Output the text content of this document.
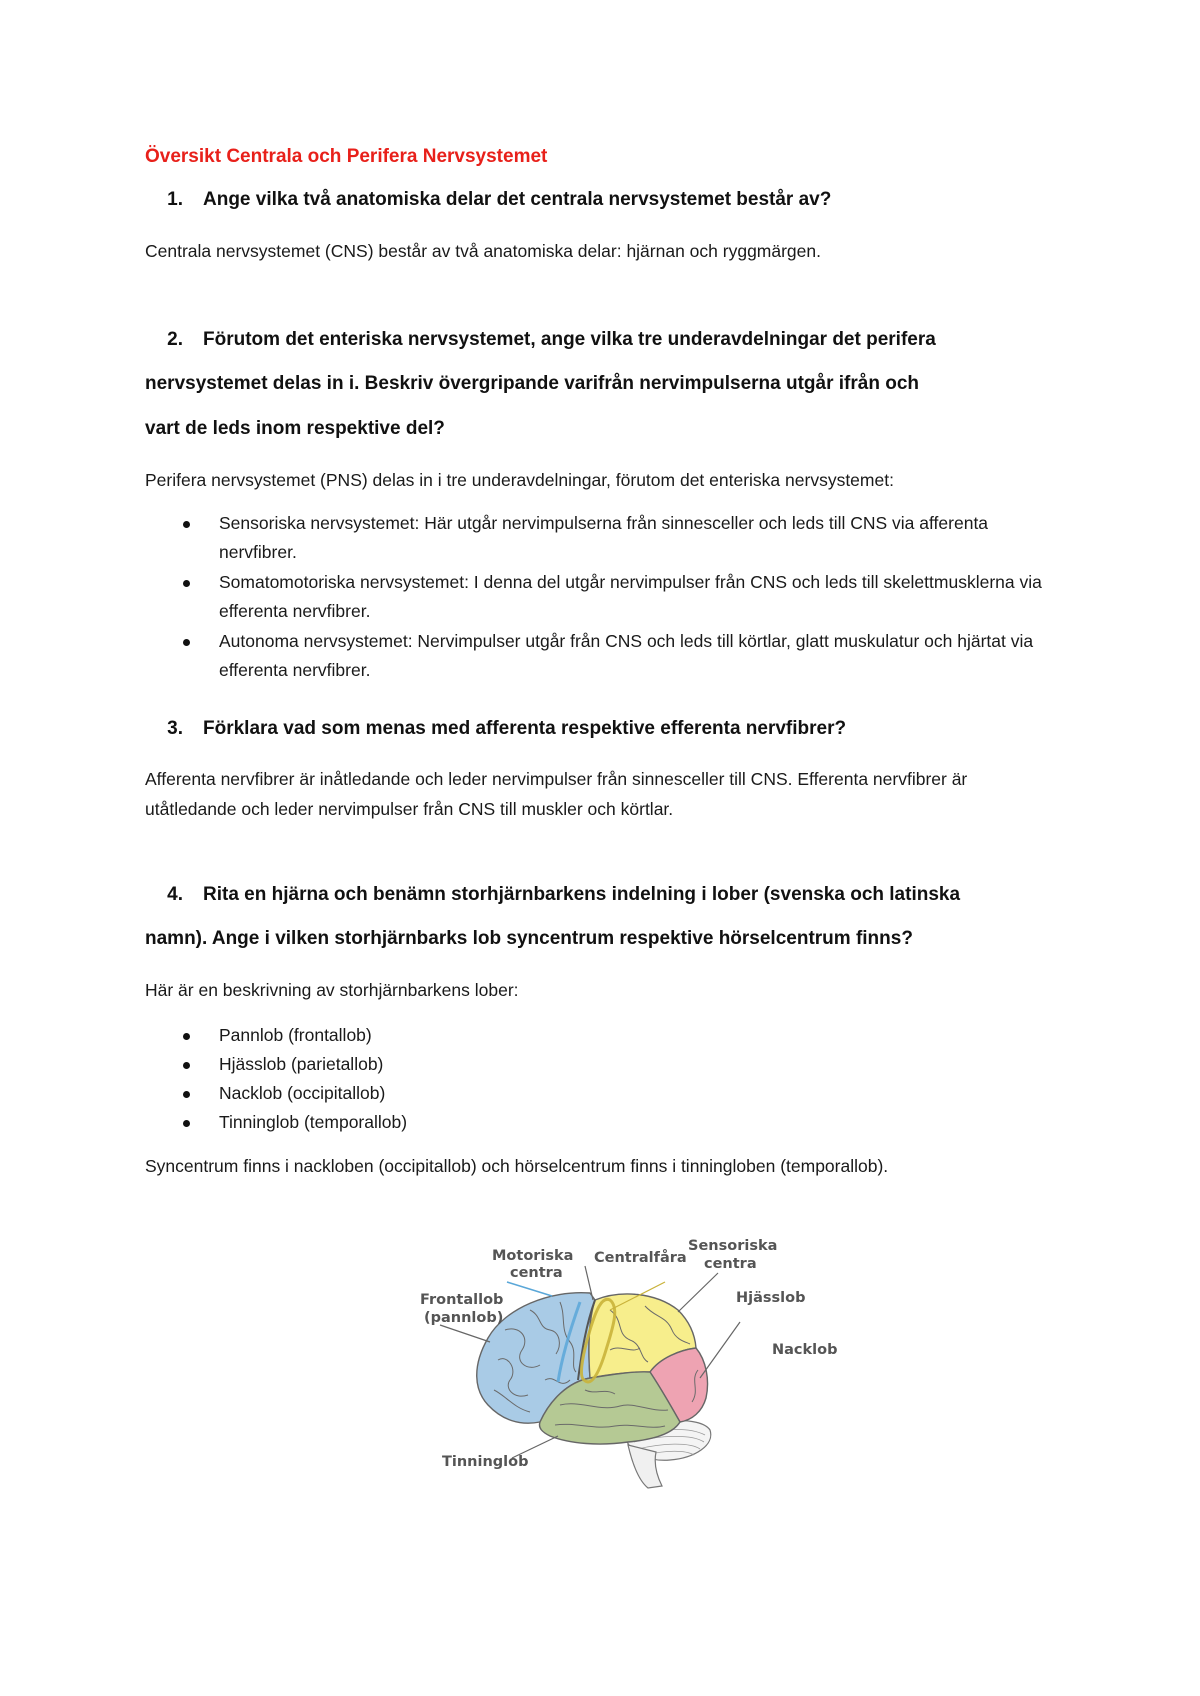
Översikt Centrala och Perifera Nervsystemet
1. Ange vilka två anatomiska delar det centrala nervsystemet består av?
Centrala nervsystemet (CNS) består av två anatomiska delar: hjärnan och ryggmärgen.
2. Förutom det enteriska nervsystemet, ange vilka tre underavdelningar det perifera
nervsystemet delas in i. Beskriv övergripande varifrån nervimpulserna utgår ifrån och
vart de leds inom respektive del?
Perifera nervsystemet (PNS) delas in i tre underavdelningar, förutom det enteriska nervsystemet:
Sensoriska nervsystemet: Här utgår nervimpulserna från sinnesceller och leds till CNS via afferenta nervfibrer.
Somatomotoriska nervsystemet: I denna del utgår nervimpulser från CNS och leds till skelettmusklerna via efferenta nervfibrer.
Autonoma nervsystemet: Nervimpulser utgår från CNS och leds till körtlar, glatt muskulatur och hjärtat via efferenta nervfibrer.
3. Förklara vad som menas med afferenta respektive efferenta nervfibrer?
Afferenta nervfibrer är inåtledande och leder nervimpulser från sinnesceller till CNS. Efferenta nervfibrer är utåtledande och leder nervimpulser från CNS till muskler och körtlar.
4. Rita en hjärna och benämn storhjärnbarkens indelning i lober (svenska och latinska
namn). Ange i vilken storhjärnbarks lob syncentrum respektive hörselcentrum finns?
Här är en beskrivning av storhjärnbarkens lober:
Pannlob (frontallob)
Hjässlob (parietallob)
Nacklob (occipitallob)
Tinninglob (temporallob)
Syncentrum finns i nackloben (occipitallob) och hörselcentrum finns i tinningloben (temporallob).
Motoriska
centra
Centralfåra
Sensoriska
centra
Frontallob
(pannlob)
Hjässlob
Nacklob
Tinninglob
